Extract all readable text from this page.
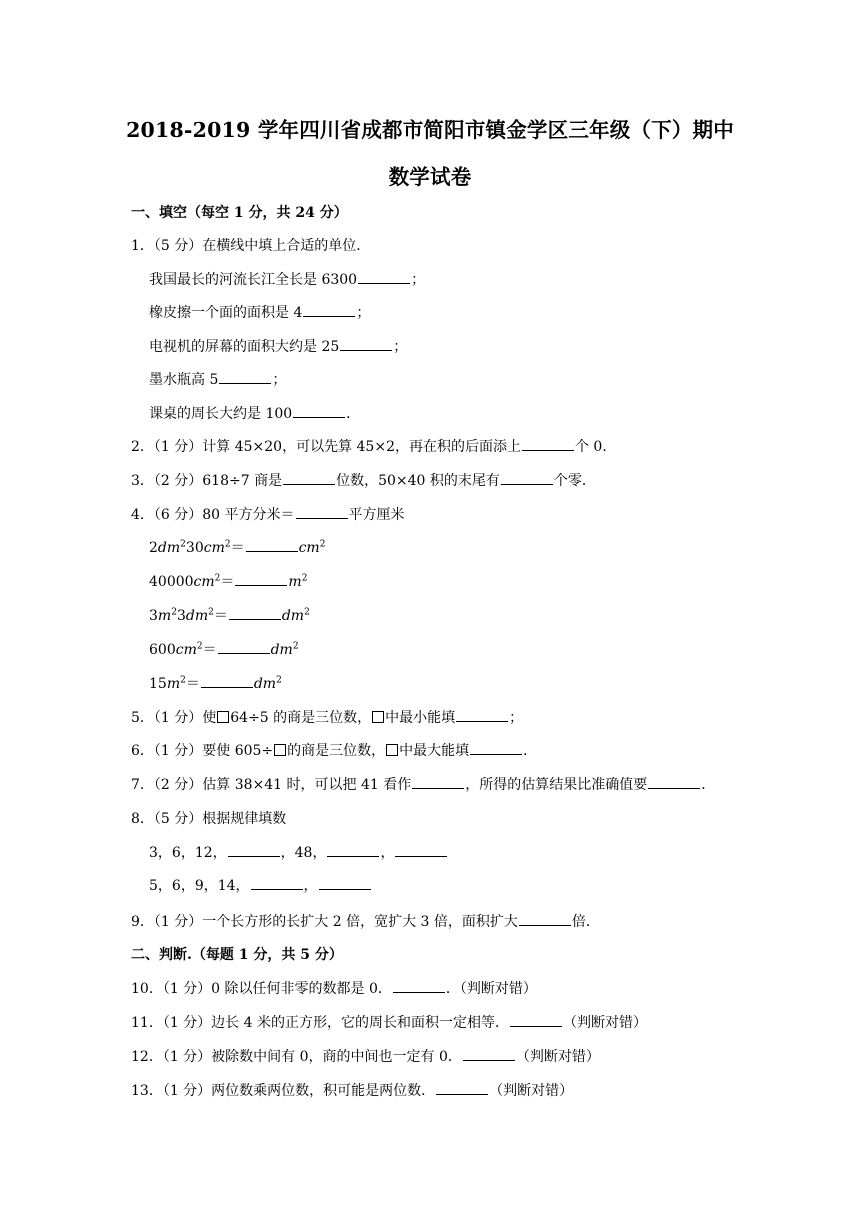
2018-2019 学年四川省成都市简阳市镇金学区三年级（下）期中
数学试卷
一、填空（每空 1 分，共 24 分）
1．（5 分）在横线中填上合适的单位．
我国最长的河流长江全长是 6300	；
橡皮擦一个面的面积是 4	；
电视机的屏幕的面积大约是 25	；
墨水瓶高 5	；
课桌的周长大约是 100	．
2．（1 分）计算 45×20，可以先算 45×2，再在积的后面添上	个 0．
3．（2 分）618÷7 商是	位数，50×40 积的末尾有	个零．
4．（6 分）80 平方分米＝	平方厘米
$2dm^230cm^2=$	$cm^2$
$40000cm^2=$	$m^2$
$3m^23dm^2=$	$dm^2$
$600cm^2=$	$dm^2$
$15m^2=$	$dm^2$
5．（1 分）使 64÷5 的商是三位数， 中最小能填	；
6．（1 分）要使 605÷ 的商是三位数， 中最大能填	．
7．（2 分）估算 38×41 时，可以把 41 看作	，所得的估算结果比准确值要	．
8．（5 分）根据规律填数
3，6，12，	，48，	，
5，6，9，14，	，
9．（1 分）一个长方形的长扩大 2 倍，宽扩大 3 倍，面积扩大	倍．
二、判断.（每题 1 分，共 5 分）
10．（1 分）0 除以任何非零的数都是 0．	．（判断对错）
11．（1 分）边长 4 米的正方形，它的周长和面积一定相等．	（判断对错）
12．（1 分）被除数中间有 0，商的中间也一定有 0．	（判断对错）
13．（1 分）两位数乘两位数，积可能是两位数．	（判断对错）
